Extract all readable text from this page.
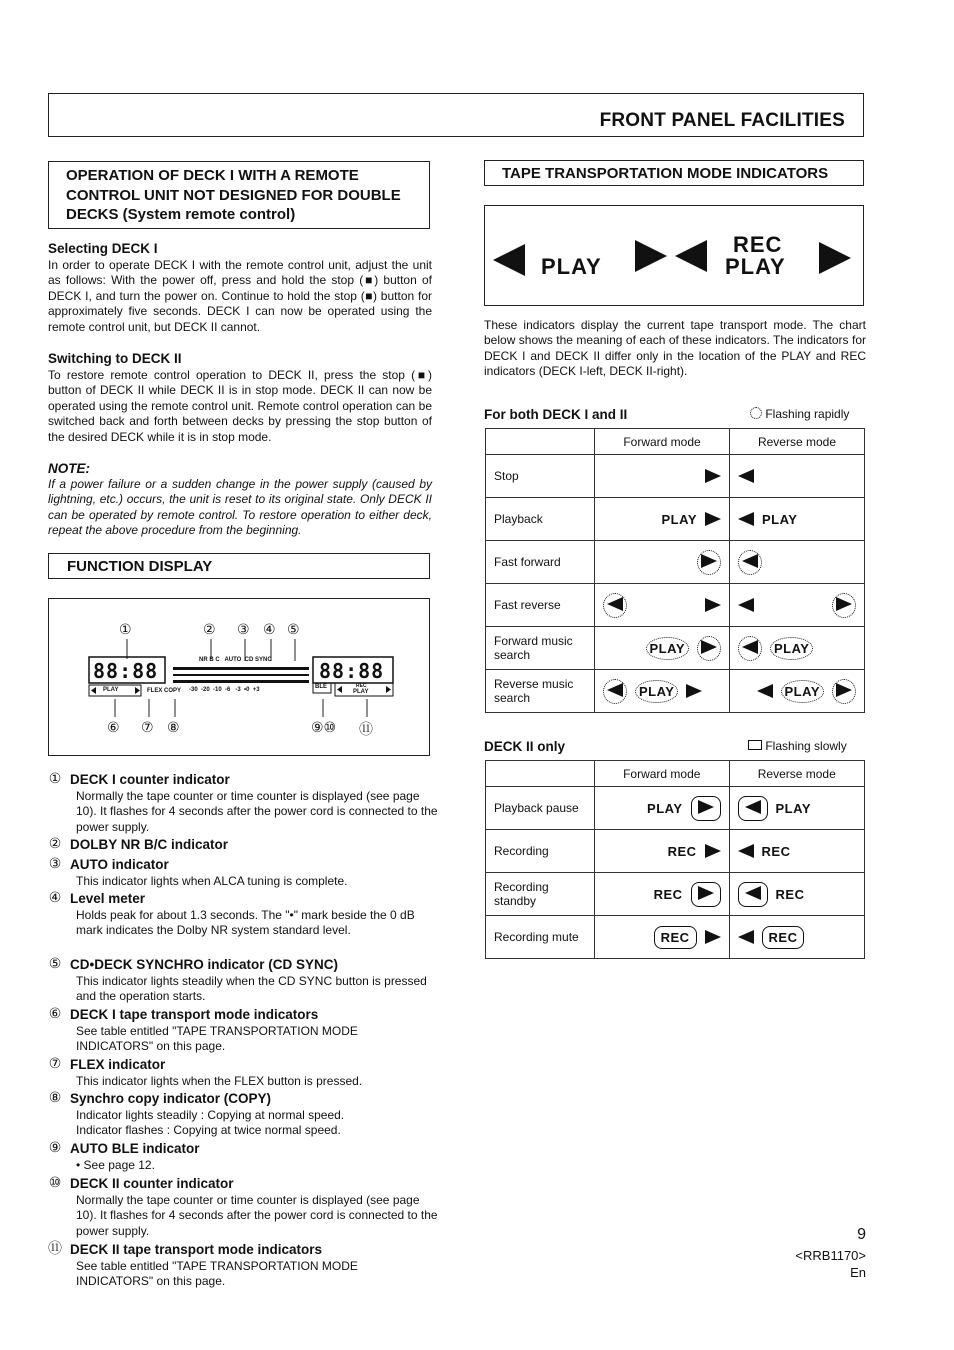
FRONT PANEL FACILITIES
OPERATION OF DECK I WITH A REMOTE CONTROL UNIT NOT DESIGNED FOR DOUBLE DECKS (System remote control)
Selecting DECK I
In order to operate DECK I with the remote control unit, adjust the unit as follows: With the power off, press and hold the stop (■) button of DECK I, and turn the power on. Continue to hold the stop (■) button for approximately five seconds. DECK I can now be operated using the remote control unit, but DECK II cannot.
Switching to DECK II
To restore remote control operation to DECK II, press the stop (■) button of DECK II while DECK II is in stop mode. DECK II can now be operated using the remote control unit. Remote control operation can be switched back and forth between decks by pressing the stop button of the desired DECK while it is in stop mode.
NOTE:
If a power failure or a sudden change in the power supply (caused by lightning, etc.) occurs, the unit is reset to its original state. Only DECK II can be operated by remote control. To restore operation to either deck, repeat the above procedure from the beginning.
FUNCTION DISPLAY
①	② ③ ④ ⑤
⑥ ⑦ ⑧	⑨⑩ ⑪
88:88	88:88
NR B C   AUTO  CD SYNC
-30  -20  -10  -6   -3  •0  +3
FLEX COPY
PLAY
REC
PLAY
BLE
① DECK I counter indicator
Normally the tape counter or time counter is displayed (see page 10). It flashes for 4 seconds after the power cord is connected to the power supply.
② DOLBY NR B/C indicator
③ AUTO indicator
This indicator lights when ALCA tuning is complete.
④ Level meter
Holds peak for about 1.3 seconds. The "•" mark beside the 0 dB mark indicates the Dolby NR system standard level.
⑤ CD•DECK SYNCHRO indicator (CD SYNC)
This indicator lights steadily when the CD SYNC button is pressed and the operation starts.
⑥ DECK I tape transport mode indicators
See table entitled "TAPE TRANSPORTATION MODE INDICATORS" on this page.
⑦ FLEX indicator
This indicator lights when the FLEX button is pressed.
⑧ Synchro copy indicator (COPY)
Indicator lights steadily : Copying at normal speed.
Indicator flashes : Copying at twice normal speed.
⑨ AUTO BLE indicator
• See page 12.
⑩ DECK II counter indicator
Normally the tape counter or time counter is displayed (see page 10). It flashes for 4 seconds after the power cord is connected to the power supply.
⑪ DECK II tape transport mode indicators
See table entitled "TAPE TRANSPORTATION MODE INDICATORS" on this page.
TAPE TRANSPORTATION MODE INDICATORS
PLAY
REC
PLAY
These indicators display the current tape transport mode. The chart below shows the meaning of each of these indicators. The indicators for DECK I and DECK II differ only in the location of the PLAY and REC indicators (DECK I-left, DECK II-right).
For both DECK I and II	Flashing rapidly
	Forward mode	Reverse mode
Stop	

Playback	PLAY	PLAY

Fast forward	

Fast reverse	

Forward music search	PLAY	PLAY

Reverse music search	PLAY	PLAY
DECK II only	Flashing slowly
	Forward mode	Reverse mode
Playback pause	PLAY	PLAY

Recording	REC	REC

Recording standby	REC	REC

Recording mute	REC	REC
9
<RRB1170>
En
